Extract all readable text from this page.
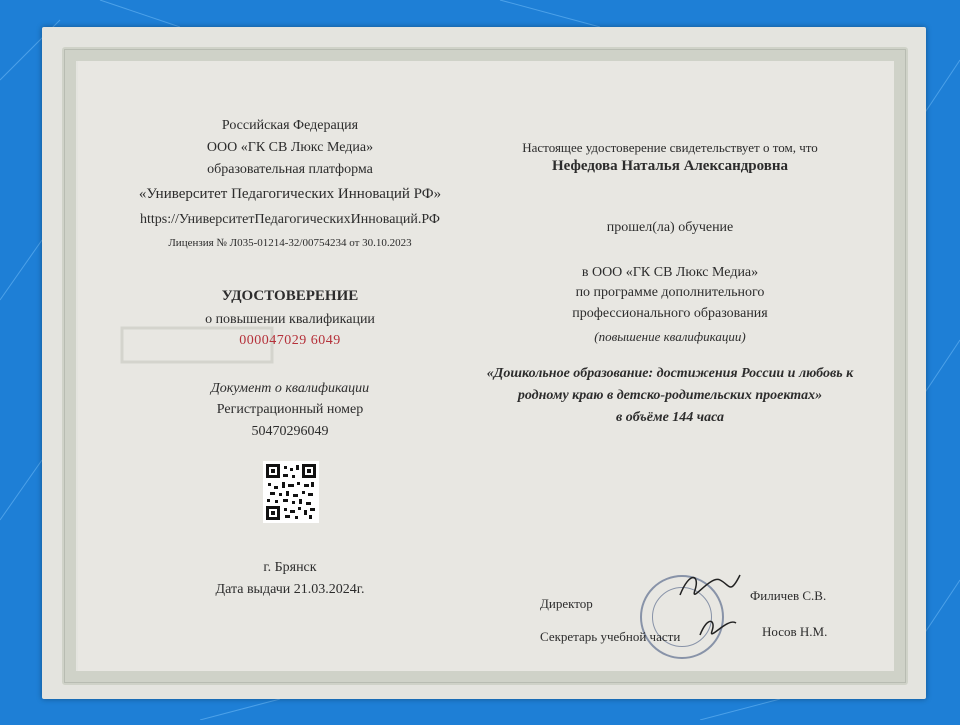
Российская Федерация
ООО «ГК СВ Люкс Медиа»
образовательная платформа
«Университет Педагогических Инноваций РФ»
https://УниверситетПедагогическихИнноваций.РФ
Лицензия № Л035-01214-32/00754234 от 30.10.2023
УДОСТОВЕРЕНИЕ
о повышении квалификации
000047029 6049
Документ о квалификации
Регистрационный номер
50470296049
г. Брянск
Дата выдачи 21.03.2024г.
Настоящее удостоверение свидетельствует о том, что
Нефедова Наталья Александровна
прошел(ла) обучение
в ООО «ГК СВ Люкс Медиа»
по программе дополнительного
профессионального образования
(повышение квалификации)
«Дошкольное образование: достижения России и любовь к
родному краю в детско-родительских проектах»
в объёме 144 часа
Директор
Филичев С.В.
Секретарь учебной части	Носов Н.М.
